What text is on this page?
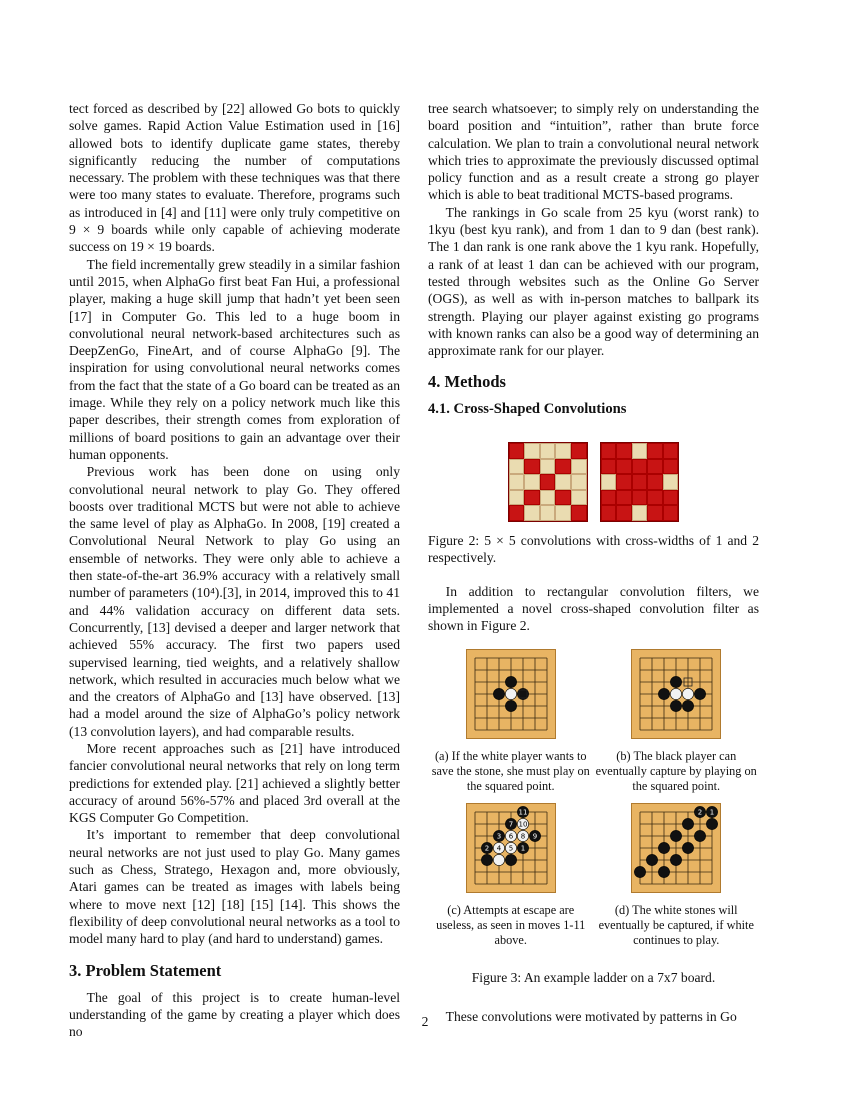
tect forced as described by [22] allowed Go bots to quickly solve games. Rapid Action Value Estimation used in [16] allowed bots to identify duplicate game states, thereby significantly reducing the number of computations necessary. The problem with these techniques was that there were too many states to evaluate. Therefore, programs such as introduced in [4] and [11] were only truly competitive on 9 × 9 boards while only capable of achieving moderate success on 19 × 19 boards.

The field incrementally grew steadily in a similar fashion until 2015, when AlphaGo first beat Fan Hui, a professional player, making a huge skill jump that hadn’t yet been seen [17] in Computer Go. This led to a huge boom in convolutional neural network-based architectures such as DeepZenGo, FineArt, and of course AlphaGo [9]. The inspiration for using convolutional neural networks comes from the fact that the state of a Go board can be treated as an image. While they rely on a policy network much like this paper describes, their strength comes from exploration of millions of board positions to gain an advantage over their human opponents.

Previous work has been done on using only convolutional neural network to play Go. They offered boosts over traditional MCTS but were not able to achieve the same level of play as AlphaGo. In 2008, [19] created a Convolutional Neural Network to play Go using an ensemble of networks. They were only able to achieve a then state-of-the-art 36.9% accuracy with a relatively small number of parameters (10⁴).[3], in 2014, improved this to 41 and 44% validation accuracy on different data sets. Concurrently, [13] devised a deeper and larger network that achieved 55% accuracy. The first two papers used supervised learning, tied weights, and a relatively shallow network, which resulted in accuracies much below what we and the creators of AlphaGo and [13] have observed. [13] had a model around the size of AlphaGo’s policy network (13 convolution layers), and had comparable results.

More recent approaches such as [21] have introduced fancier convolutional neural networks that rely on long term predictions for extended play. [21] achieved a slightly better accuracy of around 56%-57% and placed 3rd overall at the KGS Computer Go Competition.

It’s important to remember that deep convolutional neural networks are not just used to play Go. Many games such as Chess, Stratego, Hexagon and, more obviously, Atari games can be treated as images with labels being where to move next [12] [18] [15] [14]. This shows the flexibility of deep convolutional neural networks as a tool to model many hard to play (and hard to understand) games.

3. Problem Statement

The goal of this project is to create human-level understanding of the game by creating a player which does no

tree search whatsoever; to simply rely on understanding the board position and “intuition”, rather than brute force calculation. We plan to train a convolutional neural network which tries to approximate the previously discussed optimal policy function and as a result create a strong go player which is able to beat traditional MCTS-based programs.

The rankings in Go scale from 25 kyu (worst rank) to 1kyu (best kyu rank), and from 1 dan to 9 dan (best rank). The 1 dan rank is one rank above the 1 kyu rank. Hopefully, a rank of at least 1 dan can be achieved with our program, tested through websites such as the Online Go Server (OGS), as well as with in-person matches to ballpark its strength. Playing our player against existing go programs with known ranks can also be a good way of determining an approximate rank for our player.

4. Methods
4.1. Cross-Shaped Convolutions

Figure 2: 5 × 5 convolutions with cross-widths of 1 and 2 respectively.

In addition to rectangular convolution filters, we implemented a novel cross-shaped convolution filter as shown in Figure 2.

(a) If the white player wants to save the stone, she must play on the squared point.
(b) The black player can eventually capture by playing on the squared point.
11
7 10
3 6 8 9
2 4 5 1
(c) Attempts at escape are useless, as seen in moves 1-11 above.
2 1
(d) The white stones will eventually be captured, if white continues to play.
Figure 3: An example ladder on a 7x7 board.

These convolutions were motivated by patterns in Go

2
